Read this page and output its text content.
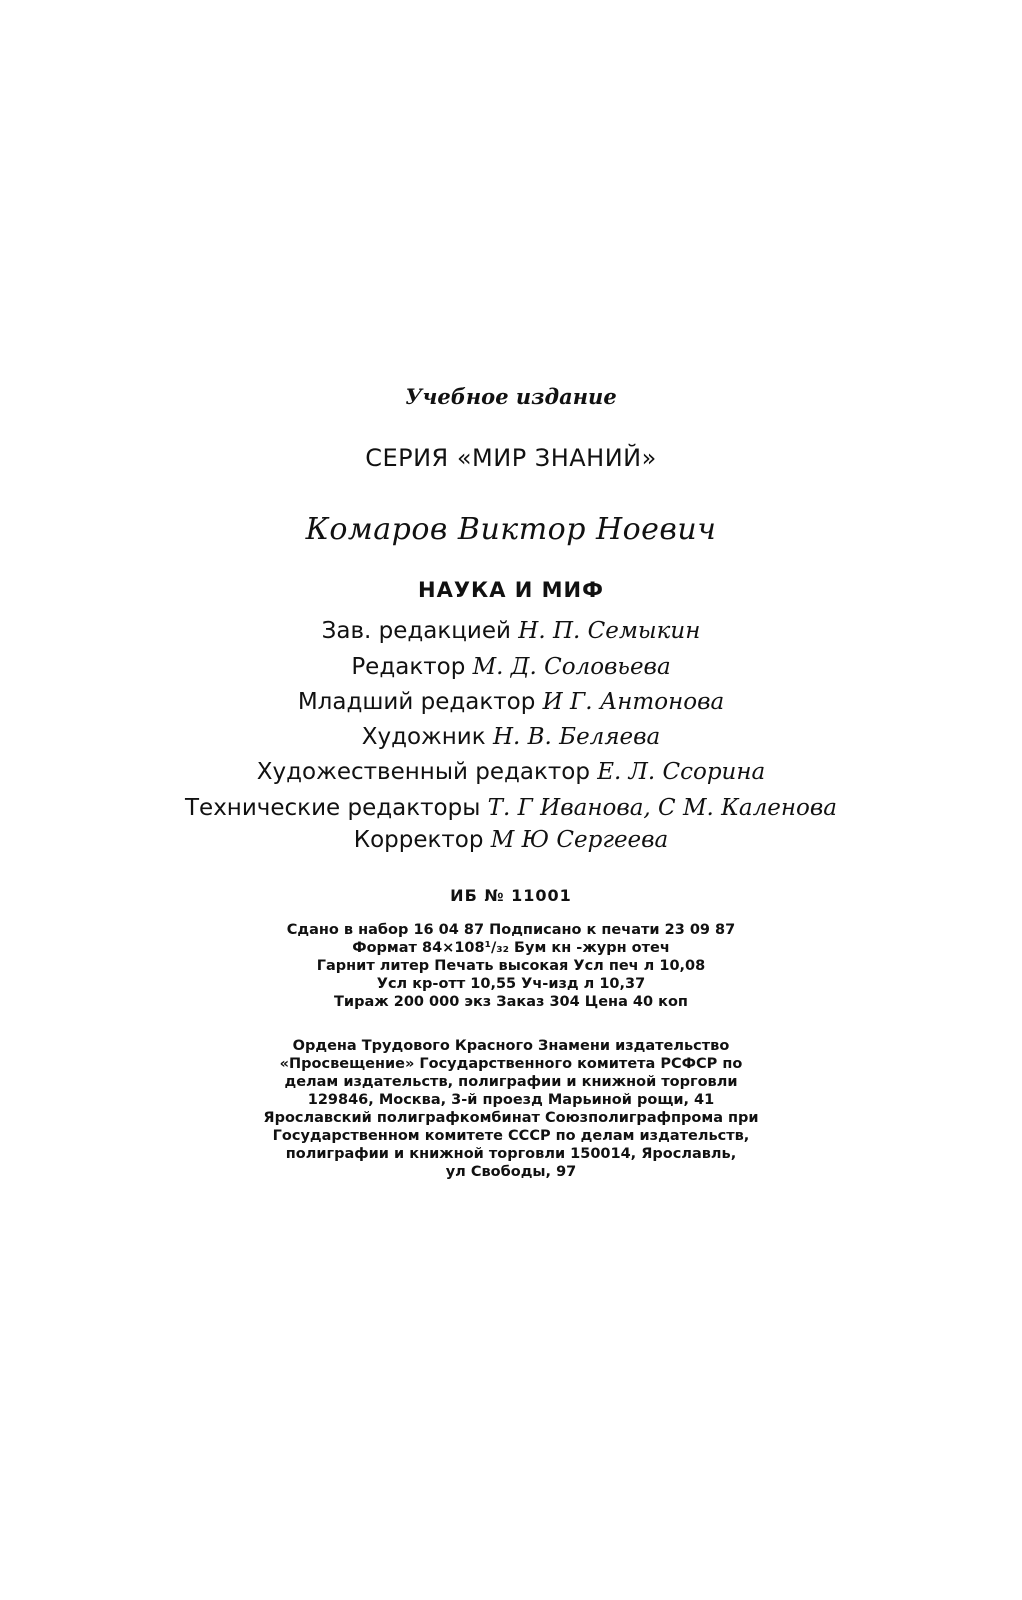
Учебное издание
СЕРИЯ «МИР ЗНАНИЙ»
Комаров Виктор Ноевич
НАУКА И МИФ
Зав. редакцией Н. П. Семыкин
Редактор М. Д. Соловьева
Младший редактор И Г. Антонова
Художник Н. В. Беляева
Художественный редактор Е. Л. Ссорина
Технические редакторы Т. Г Иванова, С М. Каленова
Корректор М Ю Сергеева
ИБ № 11001
Сдано в набор 16 04 87 Подписано к печати 23 09 87
Формат 84×108¹/₃₂ Бум кн -журн отеч
Гарнит литер Печать высокая Усл печ л 10,08
Усл кр-отт 10,55 Уч-изд л 10,37
Тираж 200 000 экз Заказ 304 Цена 40 коп
Ордена Трудового Красного Знамени издательство
«Просвещение» Государственного комитета РСФСР по
делам издательств, полиграфии и книжной торговли
129846, Москва, 3-й проезд Марьиной рощи, 41
Ярославский полиграфкомбинат Союзполиграфпрома при
Государственном комитете СССР по делам издательств,
полиграфии и книжной торговли 150014, Ярославль,
ул Свободы, 97
